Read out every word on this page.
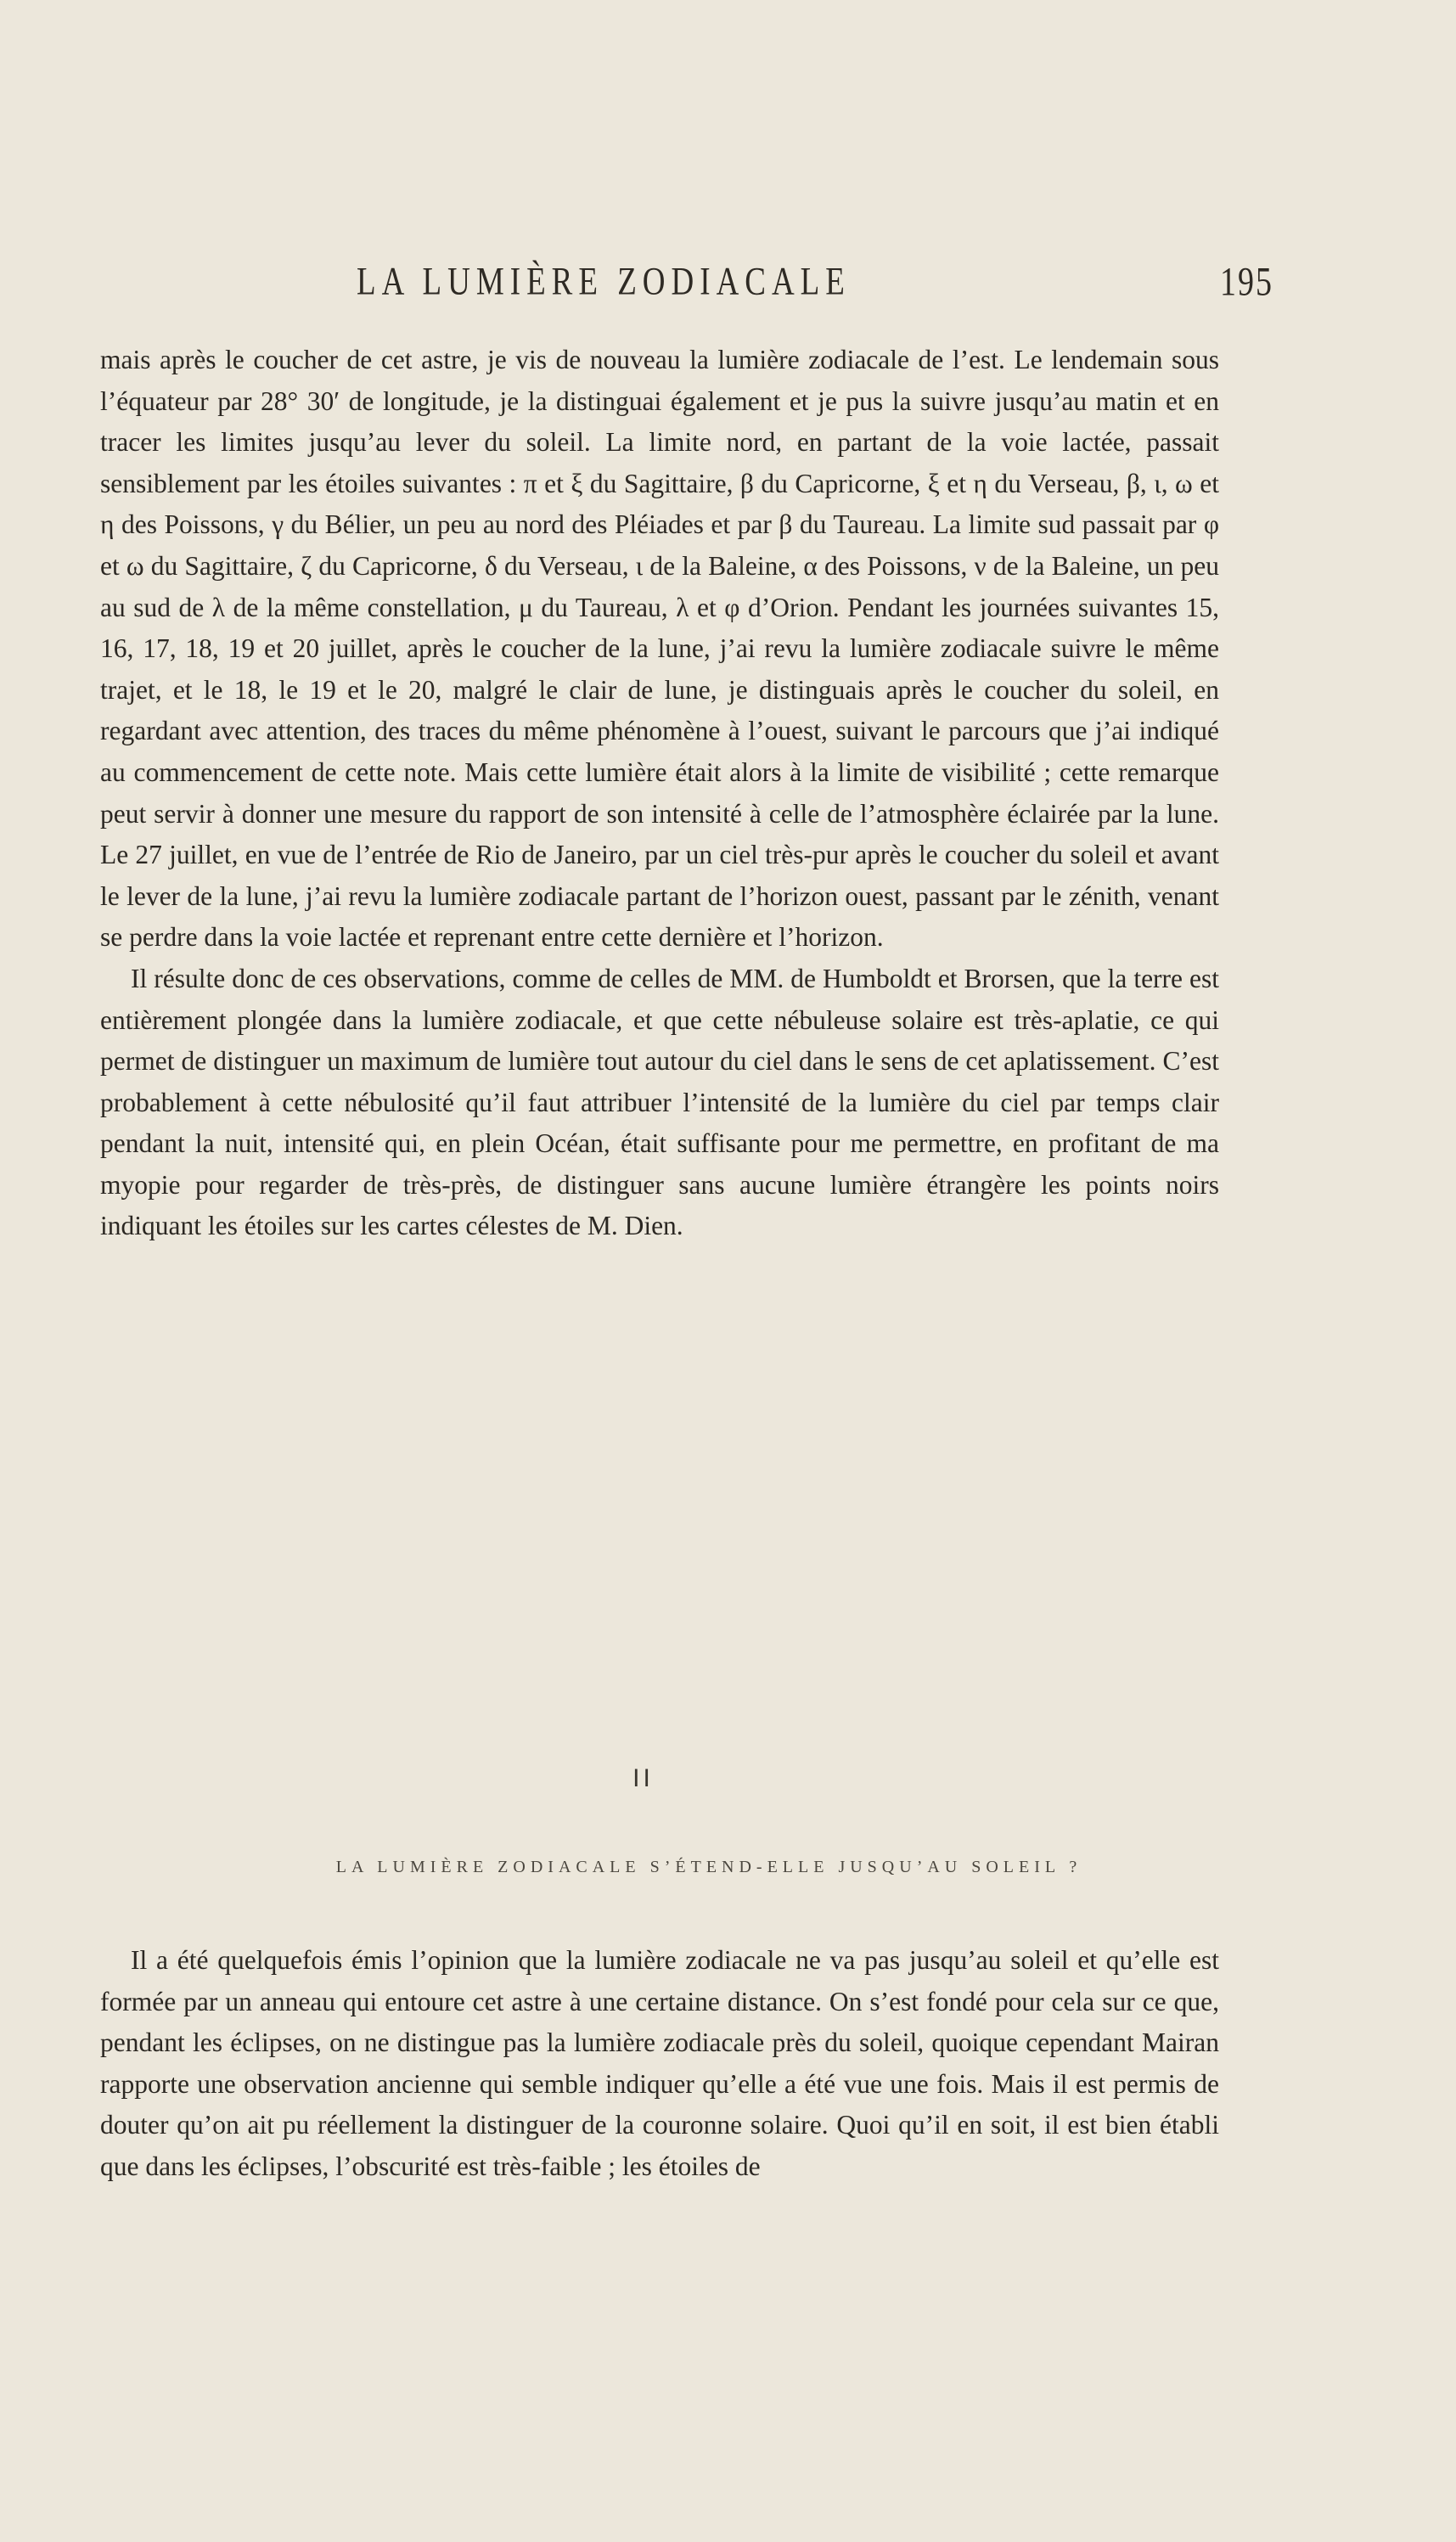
LA LUMIÈRE ZODIACALE	195

mais après le coucher de cet astre, je vis de nouveau la lumière zodiacale de l’est. Le lendemain sous l’équateur par 28° 30′ de longitude, je la distinguai également et je pus la suivre jusqu’au matin et en tracer les limites jusqu’au lever du soleil. La limite nord, en partant de la voie lactée, passait sensiblement par les étoiles suivantes : π et ξ du Sagittaire, β du Capricorne, ξ et η du Verseau, β, ι, ω et η des Poissons, γ du Bélier, un peu au nord des Pléiades et par β du Taureau. La limite sud passait par φ et ω du Sagittaire, ζ du Capricorne, δ du Verseau, ι de la Baleine, α des Poissons, ν de la Baleine, un peu au sud de λ de la même constellation, μ du Taureau, λ et φ d’Orion. Pendant les journées suivantes 15, 16, 17, 18, 19 et 20 juillet, après le coucher de la lune, j’ai revu la lumière zodiacale suivre le même trajet, et le 18, le 19 et le 20, malgré le clair de lune, je distinguais après le coucher du soleil, en regardant avec attention, des traces du même phénomène à l’ouest, suivant le parcours que j’ai indiqué au commencement de cette note. Mais cette lumière était alors à la limite de visibilité ; cette remarque peut servir à donner une mesure du rapport de son intensité à celle de l’atmosphère éclairée par la lune. Le 27 juillet, en vue de l’entrée de Rio de Janeiro, par un ciel très-pur après le coucher du soleil et avant le lever de la lune, j’ai revu la lumière zodiacale partant de l’horizon ouest, passant par le zénith, venant se perdre dans la voie lactée et reprenant entre cette dernière et l’horizon.

Il résulte donc de ces observations, comme de celles de MM. de Humboldt et Brorsen, que la terre est entièrement plongée dans la lumière zodiacale, et que cette nébuleuse solaire est très-aplatie, ce qui permet de distinguer un maximum de lumière tout autour du ciel dans le sens de cet aplatissement. C’est probablement à cette nébulosité qu’il faut attribuer l’intensité de la lumière du ciel par temps clair pendant la nuit, intensité qui, en plein Océan, était suffisante pour me permettre, en profitant de ma myopie pour regarder de très-près, de distinguer sans aucune lumière étrangère les points noirs indiquant les étoiles sur les cartes célestes de M. Dien.

II
LA LUMIÈRE ZODIACALE S’ÉTEND-ELLE JUSQU’AU SOLEIL ?

Il a été quelquefois émis l’opinion que la lumière zodiacale ne va pas jusqu’au soleil et qu’elle est formée par un anneau qui entoure cet astre à une certaine distance. On s’est fondé pour cela sur ce que, pendant les éclipses, on ne distingue pas la lumière zodiacale près du soleil, quoique cependant Mairan rapporte une observation ancienne qui semble indiquer qu’elle a été vue une fois. Mais il est permis de douter qu’on ait pu réellement la distinguer de la couronne solaire. Quoi qu’il en soit, il est bien établi que dans les éclipses, l’obscurité est très-faible ; les étoiles de
